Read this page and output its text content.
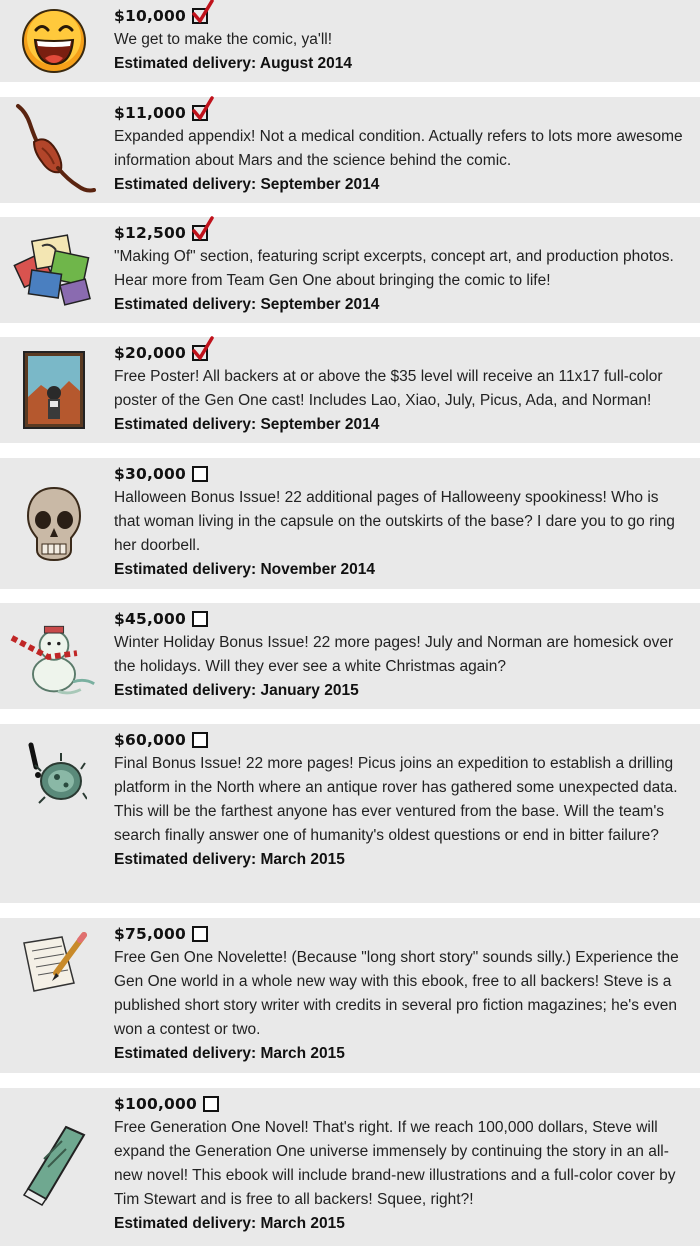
$10,000

We get to make the comic, ya'll!

Estimated delivery: August 2014

$11,000

Expanded appendix! Not a medical condition. Actually refers to lots more awesome information about Mars and the science behind the comic.

Estimated delivery: September 2014

$12,500

"Making Of" section, featuring script excerpts, concept art, and production photos. Hear more from Team Gen One about bringing the comic to life!

Estimated delivery: September 2014

$20,000

Free Poster! All backers at or above the $35 level will receive an 11x17 full-color poster of the Gen One cast! Includes Lao, Xiao, July, Picus, Ada, and Norman!

Estimated delivery: September 2014

$30,000

Halloween Bonus Issue! 22 additional pages of Halloweeny spookiness! Who is that woman living in the capsule on the outskirts of the base? I dare you to go ring her doorbell.

Estimated delivery: November 2014

$45,000

Winter Holiday Bonus Issue! 22 more pages! July and Norman are homesick over the holidays. Will they ever see a white Christmas again?

Estimated delivery: January 2015

$60,000

Final Bonus Issue! 22 more pages! Picus joins an expedition to establish a drilling platform in the North where an antique rover has gathered some unexpected data. This will be the farthest anyone has ever ventured from the base. Will the team's search finally answer one of humanity's oldest questions or end in bitter failure?

Estimated delivery: March 2015

$75,000

Free Gen One Novelette! (Because "long short story" sounds silly.) Experience the Gen One world in a whole new way with this ebook, free to all backers! Steve is a published short story writer with credits in several pro fiction magazines; he's even won a contest or two.

Estimated delivery: March 2015

$100,000

Free Generation One Novel! That's right. If we reach 100,000 dollars, Steve will expand the Generation One universe immensely by continuing the story in an all-new novel! This ebook will include brand-new illustrations and a full-color cover by Tim Stewart and is free to all backers! Squee, right?!

Estimated delivery: March 2015
